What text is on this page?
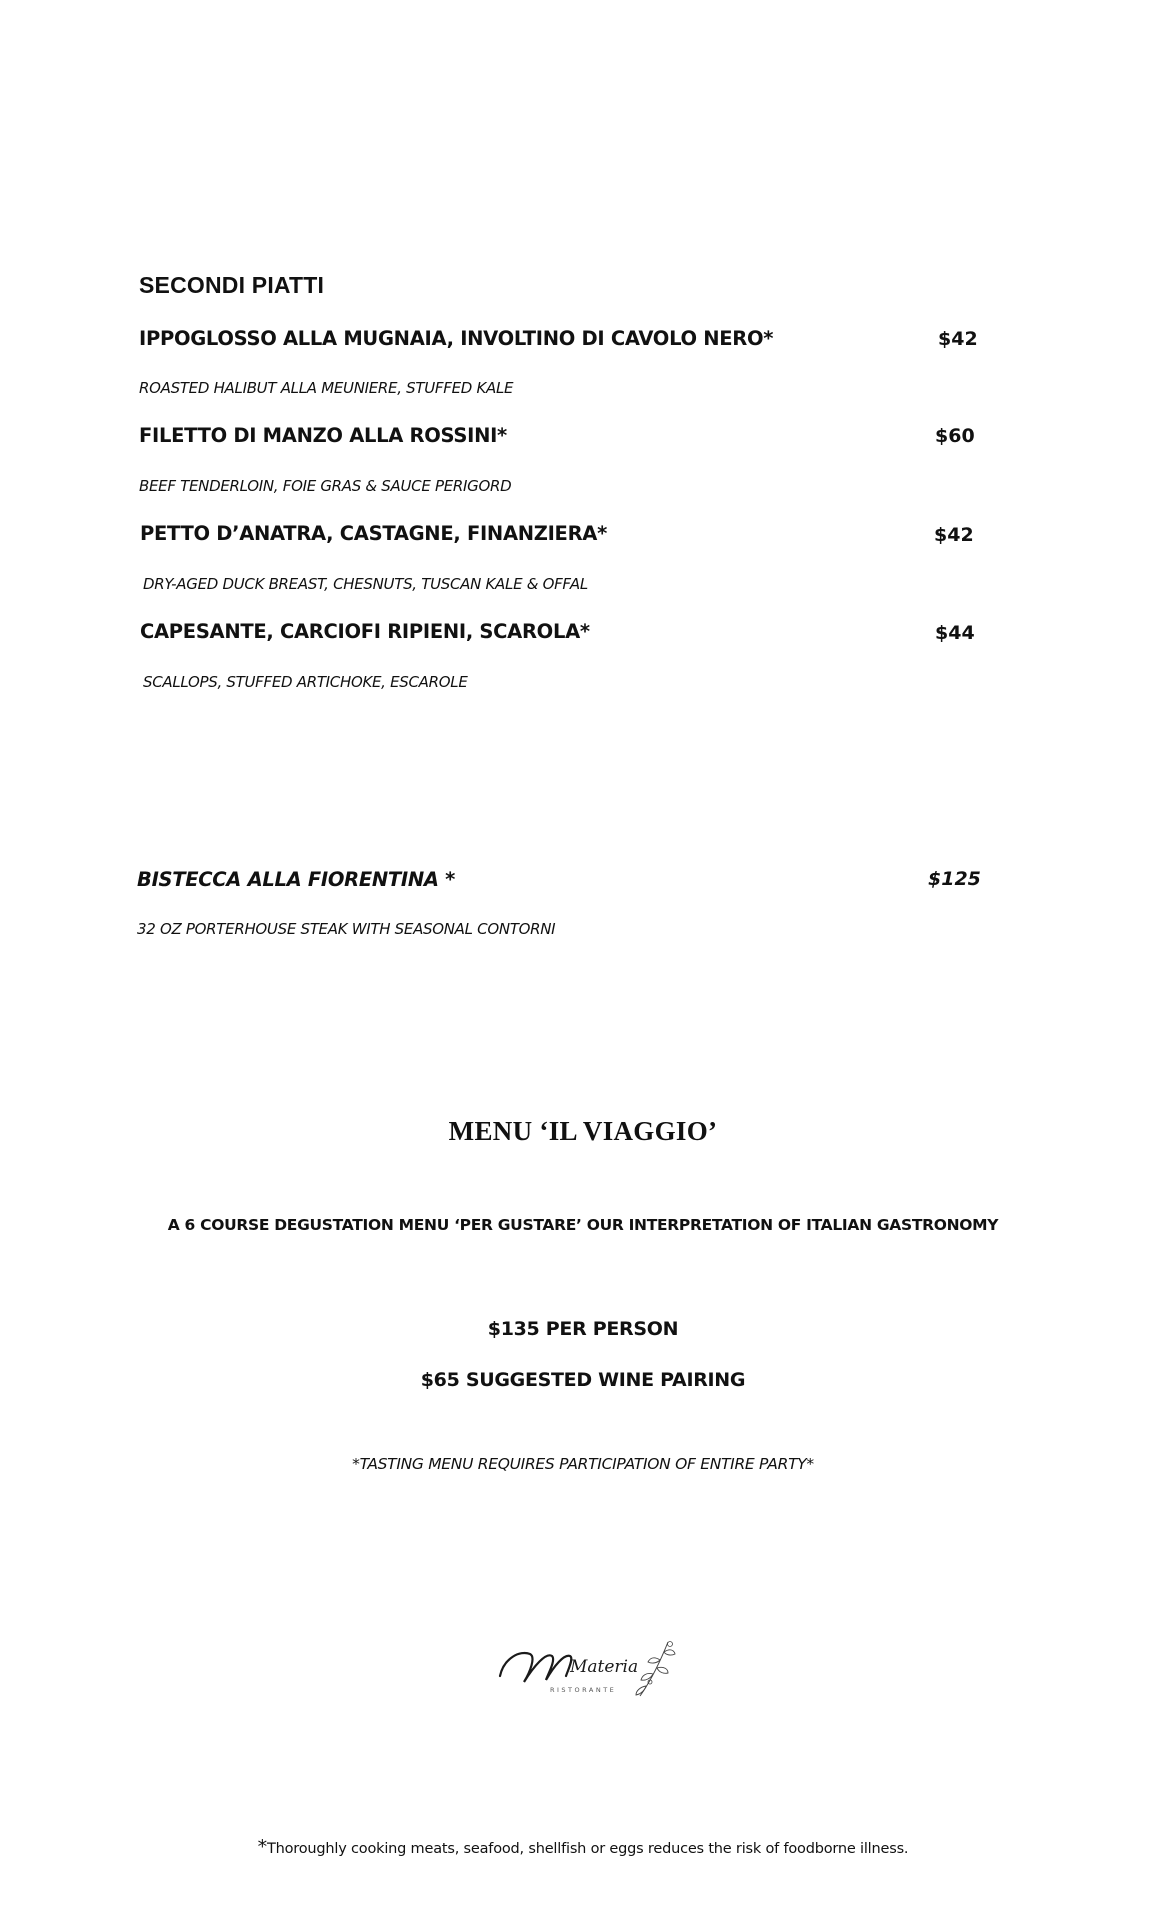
SECONDI PIATTI
IPPOGLOSSO ALLA MUGNAIA, INVOLTINO DI CAVOLO NERO*	$42
ROASTED HALIBUT ALLA MEUNIERE, STUFFED KALE
FILETTO DI MANZO ALLA ROSSINI*	$60
BEEF TENDERLOIN, FOIE GRAS & SAUCE PERIGORD
PETTO D’ANATRA, CASTAGNE, FINANZIERA*	$42
DRY-AGED DUCK BREAST, CHESNUTS, TUSCAN KALE & OFFAL
CAPESANTE, CARCIOFI RIPIENI, SCAROLA*	$44
SCALLOPS, STUFFED ARTICHOKE, ESCAROLE
BISTECCA ALLA FIORENTINA *	$125
32 OZ PORTERHOUSE STEAK WITH SEASONAL CONTORNI
MENU ‘IL VIAGGIO’
A 6 COURSE DEGUSTATION MENU ‘PER GUSTARE’ OUR INTERPRETATION OF ITALIAN GASTRONOMY
$135 PER PERSON
$65 SUGGESTED WINE PAIRING
*TASTING MENU REQUIRES PARTICIPATION OF ENTIRE PARTY*
Materia
RISTORANTE
*Thoroughly cooking meats, seafood, shellfish or eggs reduces the risk of foodborne illness.
